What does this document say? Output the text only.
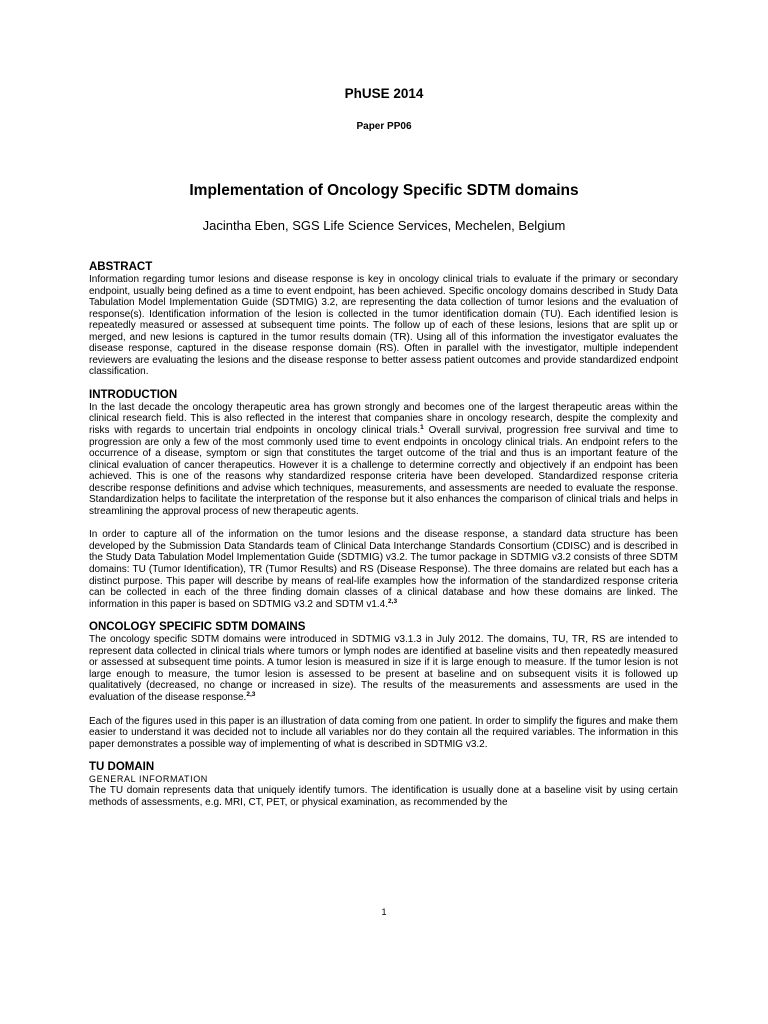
PhUSE 2014
Paper PP06
Implementation of Oncology Specific SDTM domains
Jacintha Eben, SGS Life Science Services, Mechelen, Belgium
ABSTRACT

Information regarding tumor lesions and disease response is key in oncology clinical trials to evaluate if the primary or secondary endpoint, usually being defined as a time to event endpoint, has been achieved. Specific oncology domains described in Study Data Tabulation Model Implementation Guide (SDTMIG) 3.2, are representing the data collection of tumor lesions and the evaluation of response(s). Identification information of the lesion is collected in the tumor identification domain (TU). Each identified lesion is repeatedly measured or assessed at subsequent time points. The follow up of each of these lesions, lesions that are split up or merged, and new lesions is captured in the tumor results domain (TR). Using all of this information the investigator evaluates the disease response, captured in the disease response domain (RS). Often in parallel with the investigator, multiple independent reviewers are evaluating the lesions and the disease response to better assess patient outcomes and provide standardized endpoint classification.

INTRODUCTION

In the last decade the oncology therapeutic area has grown strongly and becomes one of the largest therapeutic areas within the clinical research field. This is also reflected in the interest that companies share in oncology research, despite the complexity and risks with regards to uncertain trial endpoints in oncology clinical trials.$^1$ Overall survival, progression free survival and time to progression are only a few of the most commonly used time to event endpoints in oncology clinical trials. An endpoint refers to the occurrence of a disease, symptom or sign that constitutes the target outcome of the trial and thus is an important feature of the clinical evaluation of cancer therapeutics. However it is a challenge to determine correctly and objectively if an endpoint has been achieved. This is one of the reasons why standardized response criteria have been developed. Standardized response criteria describe response definitions and advise which techniques, measurements, and assessments are needed to evaluate the response. Standardization helps to facilitate the interpretation of the response but it also enhances the comparison of clinical trials and helps in streamlining the approval process of new therapeutic agents.

In order to capture all of the information on the tumor lesions and the disease response, a standard data structure has been developed by the Submission Data Standards team of Clinical Data Interchange Standards Consortium (CDISC) and is described in the Study Data Tabulation Model Implementation Guide (SDTMIG) v3.2. The tumor package in SDTMIG v3.2 consists of three SDTM domains: TU (Tumor Identification), TR (Tumor Results) and RS (Disease Response). The three domains are related but each has a distinct purpose. This paper will describe by means of real-life examples how the information of the standardized response criteria can be collected in each of the three finding domain classes of a clinical database and how these domains are linked. The information in this paper is based on SDTMIG v3.2 and SDTM v1.4.$^{2,3}$

ONCOLOGY SPECIFIC SDTM DOMAINS

The oncology specific SDTM domains were introduced in SDTMIG v3.1.3 in July 2012. The domains, TU, TR, RS are intended to represent data collected in clinical trials where tumors or lymph nodes are identified at baseline visits and then repeatedly measured or assessed at subsequent time points. A tumor lesion is measured in size if it is large enough to measure. If the tumor lesion is not large enough to measure, the tumor lesion is assessed to be present at baseline and on subsequent visits it is followed up qualitatively (decreased, no change or increased in size). The results of the measurements and assessments are used in the evaluation of the disease response.$^{2,3}$

Each of the figures used in this paper is an illustration of data coming from one patient. In order to simplify the figures and make them easier to understand it was decided not to include all variables nor do they contain all the required variables. The information in this paper demonstrates a possible way of implementing of what is described in SDTMIG v3.2.

TU DOMAIN
GENERAL INFORMATION

The TU domain represents data that uniquely identify tumors. The identification is usually done at a baseline visit by using certain methods of assessments, e.g. MRI, CT, PET, or physical examination, as recommended by the

1
